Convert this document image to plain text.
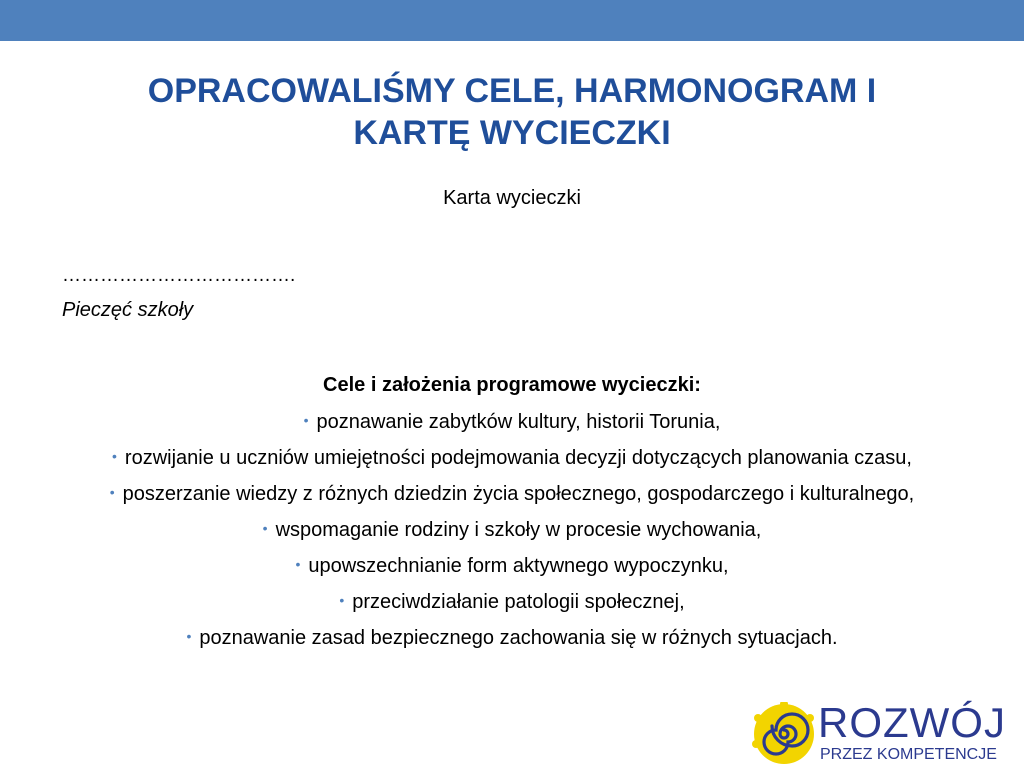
OPRACOWALIŚMY CELE, HARMONOGRAM I
KARTĘ WYCIECZKI
Karta wycieczki
……………………………….
Pieczęć szkoły
Cele i założenia programowe wycieczki:
• poznawanie zabytków kultury, historii Torunia,
• rozwijanie u uczniów umiejętności podejmowania decyzji dotyczących planowania czasu,
• poszerzanie wiedzy z różnych dziedzin życia społecznego, gospodarczego i kulturalnego,
• wspomaganie rodziny i szkoły w procesie wychowania,
• upowszechnianie form aktywnego wypoczynku,
• przeciwdziałanie patologii społecznej,
• poznawanie zasad bezpiecznego zachowania się w różnych sytuacjach.
ROZWÓJ
PRZEZ KOMPETENCJE
